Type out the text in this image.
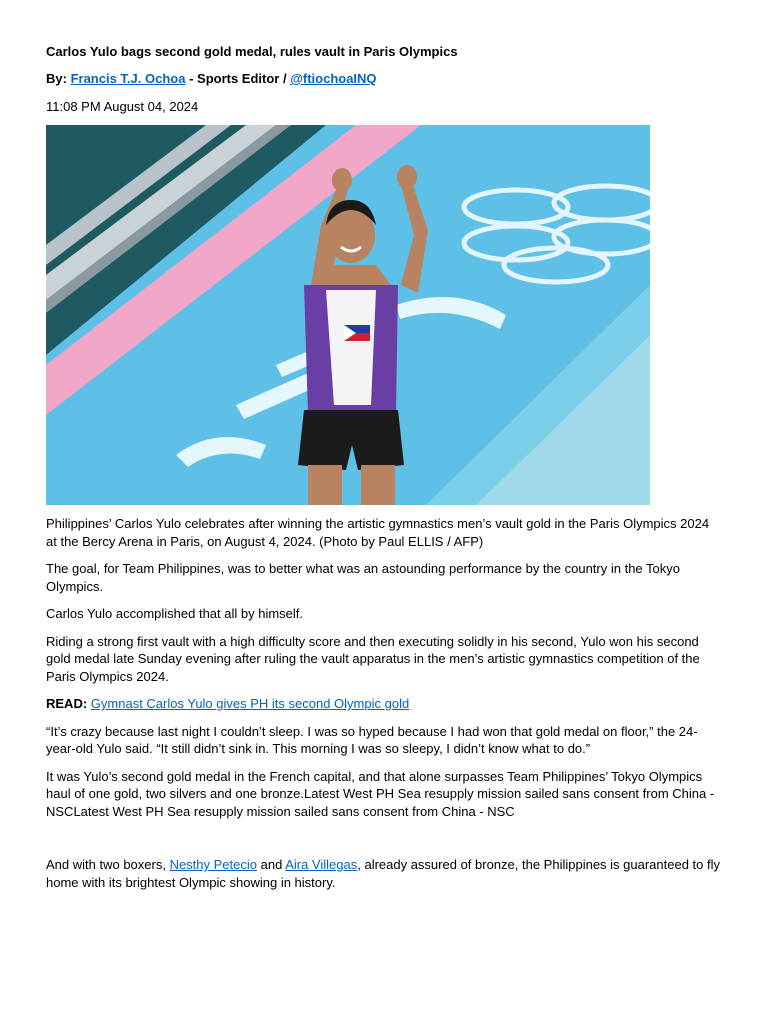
Carlos Yulo bags second gold medal, rules vault in Paris Olympics
By: Francis T.J. Ochoa - Sports Editor / @ftiochoaINQ
11:08 PM August 04, 2024

Philippines’ Carlos Yulo celebrates after winning the artistic gymnastics men’s vault gold in the Paris Olympics 2024 at the Bercy Arena in Paris, on August 4, 2024. (Photo by Paul ELLIS / AFP)

The goal, for Team Philippines, was to better what was an astounding performance by the country in the Tokyo Olympics.

Carlos Yulo accomplished that all by himself.

Riding a strong first vault with a high difficulty score and then executing solidly in his second, Yulo won his second gold medal late Sunday evening after ruling the vault apparatus in the men’s artistic gymnastics competition of the Paris Olympics 2024.

READ: Gymnast Carlos Yulo gives PH its second Olympic gold

“It’s crazy because last night I couldn’t sleep. I was so hyped because I had won that gold medal on floor,” the 24-year-old Yulo said. “It still didn’t sink in. This morning I was so sleepy, I didn’t know what to do.”

It was Yulo’s second gold medal in the French capital, and that alone surpasses Team Philippines’ Tokyo Olympics haul of one gold, two silvers and one bronze.Latest West PH Sea resupply mission sailed sans consent from China - NSCLatest West PH Sea resupply mission sailed sans consent from China - NSC

And with two boxers, Nesthy Petecio and Aira Villegas, already assured of bronze, the Philippines is guaranteed to fly home with its brightest Olympic showing in history.
